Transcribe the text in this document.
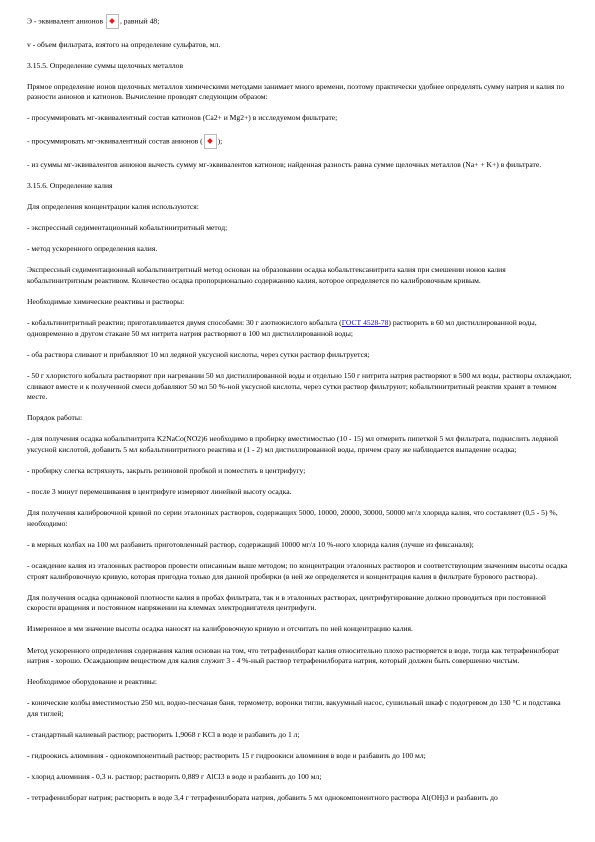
Э - эквивалент анионов , равный 48;

v - объем фильтрата, взятого на определение сульфатов, мл.

3.15.5. Определение суммы щелочных металлов

Прямое определение ионов щелочных металлов химическими методами занимает много времени, поэтому практически удобнее определять сумму натрия и калия по разности анионов и катионов. Вычисление проводят следующим образом:

- просуммировать мг-эквивалентный состав катионов (Ca2+ и Mg2+) в исследуемом фильтрате;

- просуммировать мг-эквивалентный состав анионов ( );

- из суммы мг-эквивалентов анионов вычесть сумму мг-эквивалентов катионов; найденная разность равна сумме щелочных металлов (Na+ + K+) в фильтрате.

3.15.6. Определение калия

Для определения концентрации калия используются:

- экспрессный седиментационный кобальтинитритный метод;

- метод ускоренного определения калия.

Экспрессный седиментационный кобальтинитритный метод основан на образовании осадка кобальтгексанитрита калия при смешении ионов калия кобальтинитритным реактивом. Количество осадка пропорционально содержанию калия, которое определяется по калибровочным кривым.

Необходимые химические реактивы и растворы:

- кобальтинитритный реактив; приготавливается двумя способами: 30 г азотнокислого кобальта (ГОСТ 4528-78) растворить в 60 мл дистиллированной воды, одновременно в другом стакане 50 мл нитрита натрия растворяют в 100 мл дистиллированной воды;

- оба раствора сливают и прибавляют 10 мл ледяной уксусной кислоты, через сутки раствор фильтруется;

- 50 г хлористого кобальта растворяют при нагревании 50 мл дистиллированной воды и отдельно 150 г нитрита натрия растворяют в 500 мл воды, растворы охлаждают, сливают вместе и к полученной смеси добавляют 50 мл 50 %-ной уксусной кислоты, через сутки раствор фильтруют; кобальтинитритный реактив хранят в темном месте.

Порядок работы:

- для получения осадка кобальтнитрита K2NaCo(NO2)6 необходимо в пробирку вместимостью (10 - 15) мл отмерить пипеткой 5 мл фильтрата, подкислить ледяной уксусной кислотой, добавить 5 мл кобальтинитритного реактива и (1 - 2) мл дистиллированной воды, причем сразу же наблюдается выпадение осадка;

- пробирку слегка встряхнуть, закрыть резиновой пробкой и поместить в центрифугу;

- после 3 минут перемешивания в центрифуге измеряют линейкой высоту осадка.

Для получения калибровочной кривой по серии эталонных растворов, содержащих 5000, 10000, 20000, 30000, 50000 мг/л хлорида калия, что составляет (0,5 - 5) %, необходимо:

- в мерных колбах на 100 мл разбавить приготовленный раствор, содержащий 10000 мг/л 10 %-ного хлорида калия (лучше из фиксаналя);

- осаждение калия из эталонных растворов провести описанным выше методом; по концентрации эталонных растворов и соответствующим значениям высоты осадка строят калибровочную кривую, которая пригодна только для данной пробирки (в ней же определяется и концентрация калия в фильтрате бурового раствора).

Для получения осадка одинаковой плотности калия в пробах фильтрата, так и в эталонных растворах, центрифугирование должно проводиться при постоянной скорости вращения и постоянном напряжении на клеммах электродвигателя центрифуги.

Измеренное в мм значение высоты осадка наносят на калибровочную кривую и отсчитать по ней концентрацию калия.

Метод ускоренного определения содержания калия основан на том, что тетрафенилборат калия относительно плохо растворяется в воде, тогда как тетрафенилборат натрия - хорошо. Осаждающим веществом для калия служит 3 - 4 %-ный раствор тетрафенилбората натрия, который должен быть совершенно чистым.

Необходимое оборудование и реактивы:

- конические колбы вместимостью 250 мл, водно-песчаная баня, термометр, воронки тигли, вакуумный насос, сушильный шкаф с подогревом до 130 °С и подставка для тиглей;

- стандартный калиевый раствор; растворить 1,9068 г KCl в воде и разбавить до 1 л;

- гидроокись алюминия - однокомпонентный раствор; растворить 15 г гидроокиси алюминия в воде и разбавить до 100 мл;

- хлорид алюминия - 0,3 н. раствор; растворить 0,889 г AlCl3 в воде и разбавить до 100 мл;

- тетрафенилборат натрия; растворить в воде 3,4 г тетрафенилбората натрия, добавить 5 мл однокомпонентного раствора Al(OH)3 и разбавить до
